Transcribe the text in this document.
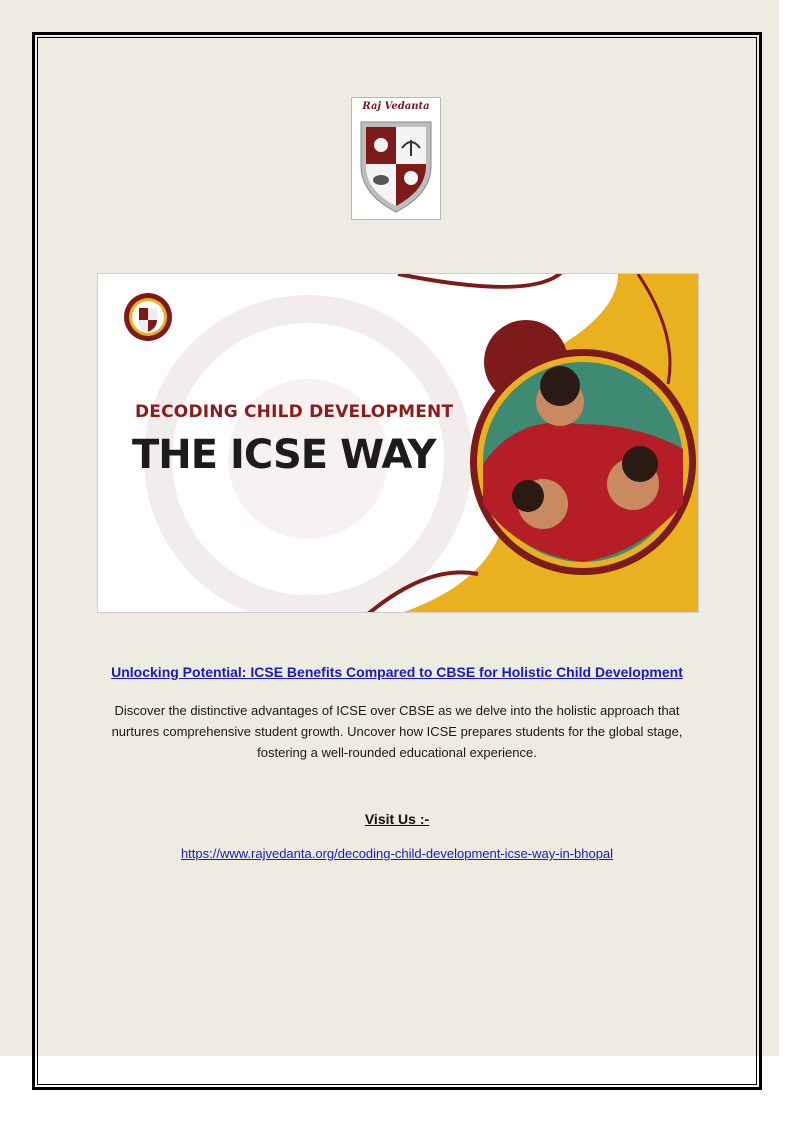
Raj Vedanta
DECODING CHILD DEVELOPMENT
THE ICSE WAY
Unlocking Potential: ICSE Benefits Compared to CBSE for Holistic Child Development
Discover the distinctive advantages of ICSE over CBSE as we delve into the holistic approach that nurtures comprehensive student growth. Uncover how ICSE prepares students for the global stage, fostering a well-rounded educational experience.
Visit Us :-
https://www.rajvedanta.org/decoding-child-development-icse-way-in-bhopal
